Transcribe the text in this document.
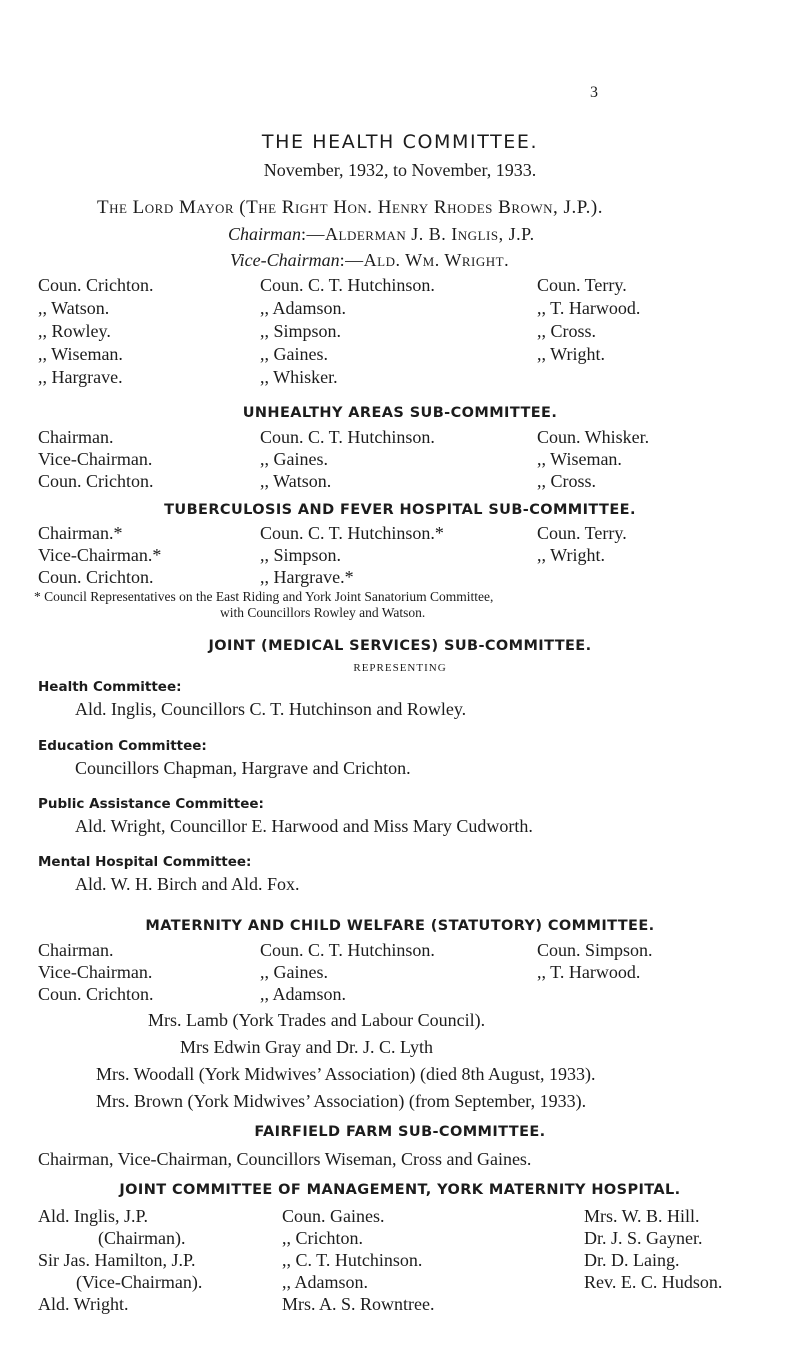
3
THE HEALTH COMMITTEE.
November, 1932, to November, 1933.
The Lord Mayor (The Right Hon. Henry Rhodes Brown, J.P.).
Chairman:—Alderman J. B. Inglis, J.P.
Vice-Chairman:—Ald. Wm. Wright.
Coun. Crichton.
,, Watson.
,, Rowley.
,, Wiseman.
,, Hargrave.
Coun. C. T. Hutchinson.
,, Adamson.
,, Simpson.
,, Gaines.
,, Whisker.
Coun. Terry.
,, T. Harwood.
,, Cross.
,, Wright.
UNHEALTHY AREAS SUB-COMMITTEE.
Chairman.
Vice-Chairman.
Coun. Crichton.
Coun. C. T. Hutchinson.
,, Gaines.
,, Watson.
Coun. Whisker.
,, Wiseman.
,, Cross.
TUBERCULOSIS AND FEVER HOSPITAL SUB-COMMITTEE.
Chairman.*
Vice-Chairman.*
Coun. Crichton.
Coun. C. T. Hutchinson.*
,, Simpson.
,, Hargrave.*
Coun. Terry.
,, Wright.
* Council Representatives on the East Riding and York Joint Sanatorium Committee,
with Councillors Rowley and Watson.
JOINT (MEDICAL SERVICES) SUB-COMMITTEE.
REPRESENTING
Health Committee:
Ald. Inglis, Councillors C. T. Hutchinson and Rowley.
Education Committee:
Councillors Chapman, Hargrave and Crichton.
Public Assistance Committee:
Ald. Wright, Councillor E. Harwood and Miss Mary Cudworth.
Mental Hospital Committee:
Ald. W. H. Birch and Ald. Fox.
MATERNITY AND CHILD WELFARE (STATUTORY) COMMITTEE.
Chairman.
Vice-Chairman.
Coun. Crichton.
Coun. C. T. Hutchinson.
,, Gaines.
,, Adamson.
Coun. Simpson.
,, T. Harwood.
Mrs. Lamb (York Trades and Labour Council).
Mrs Edwin Gray and Dr. J. C. Lyth
Mrs. Woodall (York Midwives’ Association) (died 8th August, 1933).
Mrs. Brown (York Midwives’ Association) (from September, 1933).
FAIRFIELD FARM SUB-COMMITTEE.
Chairman, Vice-Chairman, Councillors Wiseman, Cross and Gaines.
JOINT COMMITTEE OF MANAGEMENT, YORK MATERNITY HOSPITAL.
Ald. Inglis, J.P.
(Chairman).
Sir Jas. Hamilton, J.P.
(Vice-Chairman).
Ald. Wright.
Coun. Gaines.
,, Crichton.
,, C. T. Hutchinson.
,, Adamson.
Mrs. A. S. Rowntree.
Mrs. W. B. Hill.
Dr. J. S. Gayner.
Dr. D. Laing.
Rev. E. C. Hudson.
